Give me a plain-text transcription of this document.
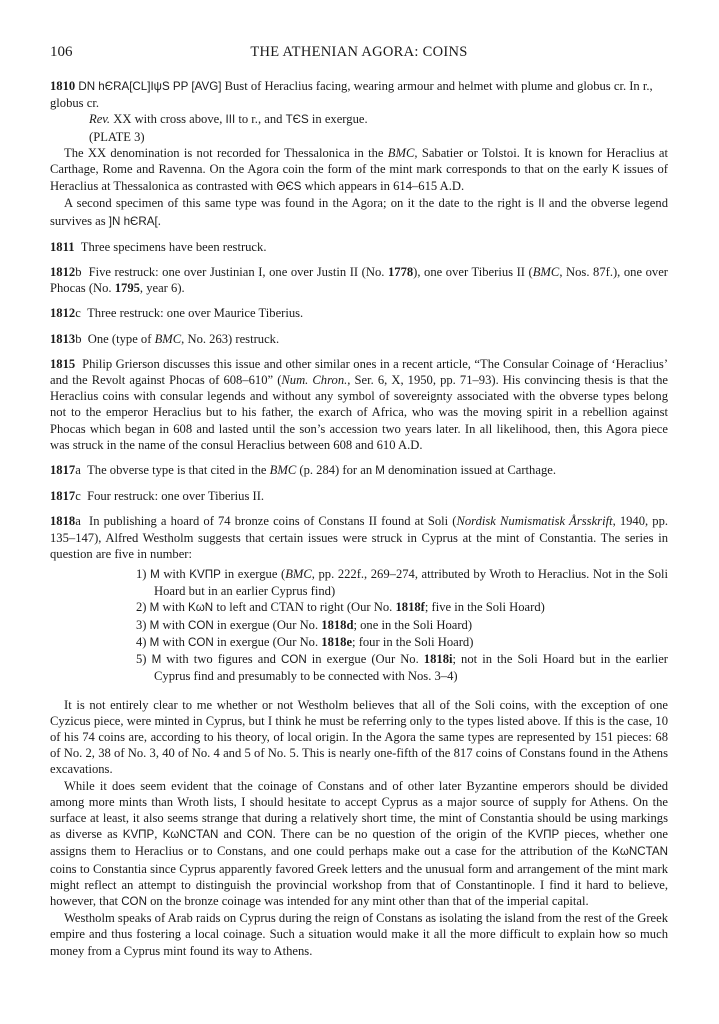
106	THE ATHENIAN AGORA: COINS
1810 DN hЄRA[CL]IψS PP [AVG] Bust of Heraclius facing, wearing armour and helmet with plume and globus cr. In r., globus cr.
Rev. XX with cross above, III to r., and TЄS in exergue.
(PLATE 3)

The XX denomination is not recorded for Thessalonica in the BMC, Sabatier or Tolstoi. It is known for Heraclius at Carthage, Rome and Ravenna. On the Agora coin the form of the mint mark corresponds to that on the early K issues of Heraclius at Thessalonica as contrasted with ΘЄS which appears in 614–615 A.D.

A second specimen of this same type was found in the Agora; on it the date to the right is II and the obverse legend survives as ]N hЄRA[.

1811 Three specimens have been restruck.
1812b Five restruck: one over Justinian I, one over Justin II (No. 1778), one over Tiberius II (BMC, Nos. 87f.), one over Phocas (No. 1795, year 6).
1812c Three restruck: one over Maurice Tiberius.
1813b One (type of BMC, No. 263) restruck.
1815 Philip Grierson discusses this issue and other similar ones in a recent article, “The Consular Coinage of ‘Heraclius’ and the Revolt against Phocas of 608–610” (Num. Chron., Ser. 6, X, 1950, pp. 71–93). His convincing thesis is that the Heraclius coins with consular legends and without any symbol of sovereignty associated with the obverse types belong not to the emperor Heraclius but to his father, the exarch of Africa, who was the moving spirit in a rebellion against Phocas which began in 608 and lasted until the son’s accession two years later. In all likelihood, then, this Agora piece was struck in the name of the consul Heraclius between 608 and 610 A.D.
1817a The obverse type is that cited in the BMC (p. 284) for an M denomination issued at Carthage.
1817c Four restruck: one over Tiberius II.
1818a In publishing a hoard of 74 bronze coins of Constans II found at Soli (Nordisk Numismatisk Årsskrift, 1940, pp. 135–147), Alfred Westholm suggests that certain issues were struck in Cyprus at the mint of Constantia. The series in question are five in number:
1) M with KVΠP in exergue (BMC, pp. 222f., 269–274, attributed by Wroth to Heraclius. Not in the Soli Hoard but in an earlier Cyprus find)
2) M with KωN to left and CTAN to right (Our No. 1818f; five in the Soli Hoard)
3) M with CON in exergue (Our No. 1818d; one in the Soli Hoard)
4) M with CON in exergue (Our No. 1818e; four in the Soli Hoard)
5) M with two figures and CON in exergue (Our No. 1818i; not in the Soli Hoard but in the earlier Cyprus find and presumably to be connected with Nos. 3–4)

It is not entirely clear to me whether or not Westholm believes that all of the Soli coins, with the exception of one Cyzicus piece, were minted in Cyprus, but I think he must be referring only to the types listed above. If this is the case, 10 of his 74 coins are, according to his theory, of local origin. In the Agora the same types are represented by 151 pieces: 68 of No. 2, 38 of No. 3, 40 of No. 4 and 5 of No. 5. This is nearly one-fifth of the 817 coins of Constans found in the Athens excavations.

While it does seem evident that the coinage of Constans and of other later Byzantine emperors should be divided among more mints than Wroth lists, I should hesitate to accept Cyprus as a major source of supply for Athens. On the surface at least, it also seems strange that during a relatively short time, the mint of Constantia should be using markings as diverse as KVΠP, KωNCTAN and CON. There can be no question of the origin of the KVΠP pieces, whether one assigns them to Heraclius or to Constans, and one could perhaps make out a case for the attribution of the KωNCTAN coins to Constantia since Cyprus apparently favored Greek letters and the unusual form and arrangement of the mint mark might reflect an attempt to distinguish the provincial workshop from that of Constantinople. I find it hard to believe, however, that CON on the bronze coinage was intended for any mint other than that of the imperial capital.

Westholm speaks of Arab raids on Cyprus during the reign of Constans as isolating the island from the rest of the Greek empire and thus fostering a local coinage. Such a situation would make it all the more difficult to explain how so much money from a Cyprus mint found its way to Athens.
